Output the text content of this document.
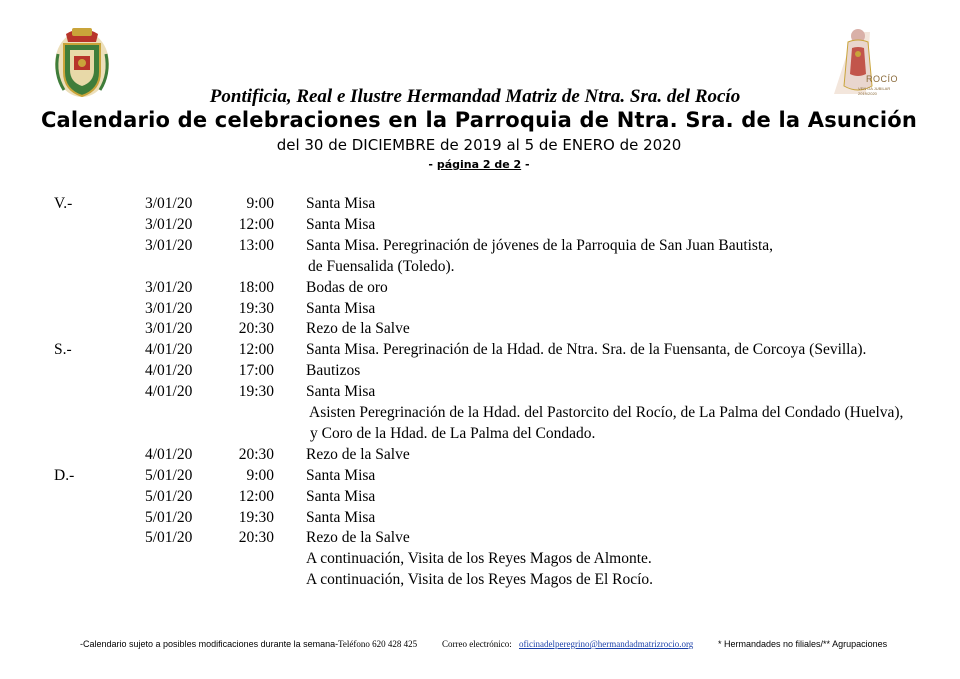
ROCÍO
VEN DA JUBILAR 2019/2020
Pontificia, Real e Ilustre Hermandad Matriz de Ntra. Sra. del Rocío
Calendario de celebraciones en la Parroquia de Ntra. Sra. de la Asunción
del 30 de DICIEMBRE de 2019 al 5 de ENERO de 2020
- página 2 de 2 -
V.-	3/01/20	9:00 Santa Misa
3/01/20	12:00 Santa Misa
3/01/20	13:00 Santa Misa. Peregrinación de jóvenes de la Parroquia de San Juan Bautista,
de Fuensalida (Toledo).
3/01/20	18:00 Bodas de oro
3/01/20	19:30 Santa Misa
3/01/20	20:30 Rezo de la Salve
S.-	4/01/20	12:00 Santa Misa. Peregrinación de la Hdad. de Ntra. Sra. de la Fuensanta, de Corcoya (Sevilla).
4/01/20	17:00 Bautizos
4/01/20	19:30 Santa Misa
Asisten Peregrinación de la Hdad. del Pastorcito del Rocío, de La Palma del Condado (Huelva),
y Coro de la Hdad. de La Palma del Condado.
4/01/20	20:30 Rezo de la Salve
D.-	5/01/20	9:00 Santa Misa
5/01/20	12:00 Santa Misa
5/01/20	19:30 Santa Misa
5/01/20	20:30 Rezo de la Salve
A continuación, Visita de los Reyes Magos de Almonte.
A continuación, Visita de los Reyes Magos de El Rocío.
-Calendario sujeto a posibles modificaciones durante la semana- Teléfono 620 428 425	Correo electrónico: oficinadelperegrino@hermandadmatrizrocio.org	* Hermandades no filiales/** Agrupaciones
